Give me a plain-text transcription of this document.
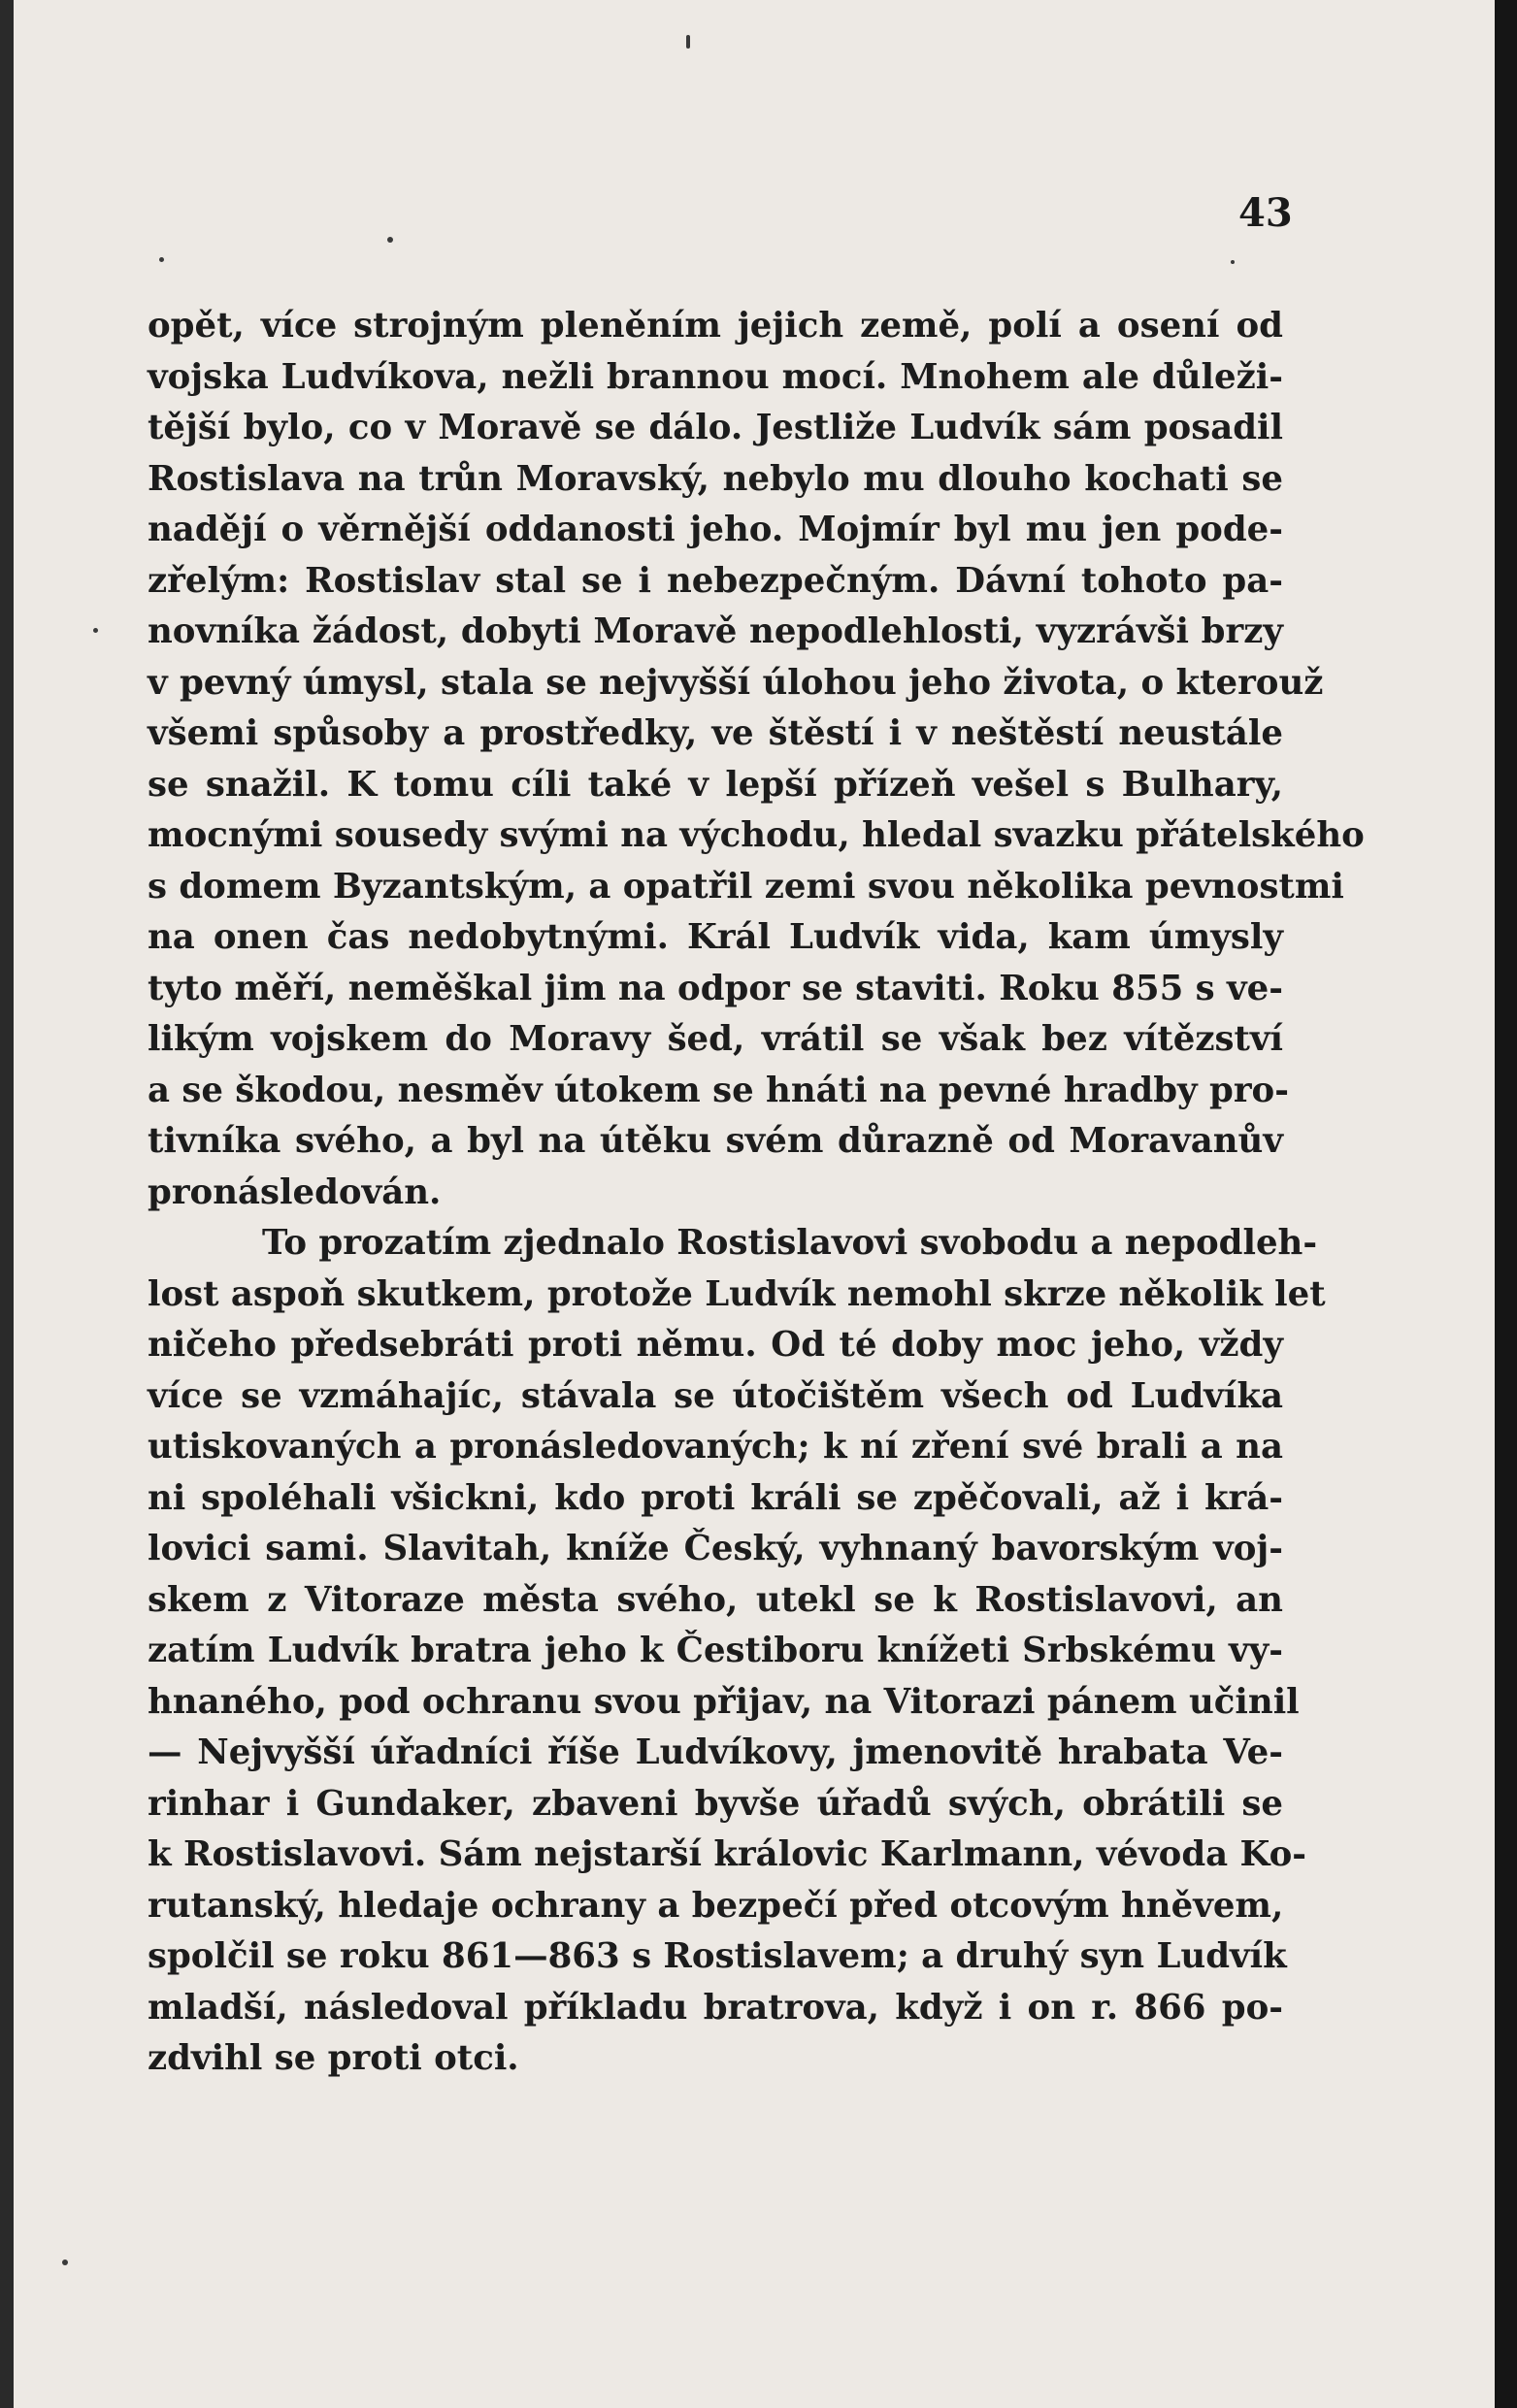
43
opět, více strojným pleněním jejich země, polí a osení od
vojska Ludvíkova, nežli brannou mocí. Mnohem ale důleži-
tější bylo, co v Moravě se dálo. Jestliže Ludvík sám posadil
Rostislava na trůn Moravský, nebylo mu dlouho kochati se
nadějí o věrnější oddanosti jeho. Mojmír byl mu jen pode-
zřelým: Rostislav stal se i nebezpečným. Dávní tohoto pa-
novníka žádost, dobyti Moravě nepodlehlosti, vyzrávši brzy
v pevný úmysl, stala se nejvyšší úlohou jeho života, o kterouž
všemi spůsoby a prostředky, ve štěstí i v neštěstí neustále
se snažil. K tomu cíli také v lepší přízeň vešel s Bulhary,
mocnými sousedy svými na východu, hledal svazku přátelského
s domem Byzantským, a opatřil zemi svou několika pevnostmi
na onen čas nedobytnými. Král Ludvík vida, kam úmysly
tyto měří, neměškal jim na odpor se staviti. Roku 855 s ve-
likým vojskem do Moravy šed, vrátil se však bez vítězství
a se škodou, nesměv útokem se hnáti na pevné hradby pro-
tivníka svého, a byl na útěku svém důrazně od Moravanův
pronásledován.
To prozatím zjednalo Rostislavovi svobodu a nepodleh-
lost aspoň skutkem, protože Ludvík nemohl skrze několik let
ničeho předsebráti proti němu. Od té doby moc jeho, vždy
více se vzmáhajíc, stávala se útočištěm všech od Ludvíka
utiskovaných a pronásledovaných; k ní zření své brali a na
ni spoléhali všickni, kdo proti králi se zpěčovali, až i krá-
lovici sami. Slavitah, kníže Český, vyhnaný bavorským voj-
skem z Vitoraze města svého, utekl se k Rostislavovi, an
zatím Ludvík bratra jeho k Čestiboru knížeti Srbskému vy-
hnaného, pod ochranu svou přijav, na Vitorazi pánem učinil
— Nejvyšší úřadníci říše Ludvíkovy, jmenovitě hrabata Ve-
rinhar i Gundaker, zbaveni byvše úřadů svých, obrátili se
k Rostislavovi. Sám nejstarší královic Karlmann, vévoda Ko-
rutanský, hledaje ochrany a bezpečí před otcovým hněvem,
spolčil se roku 861—863 s Rostislavem; a druhý syn Ludvík
mladší, následoval příkladu bratrova, když i on r. 866 po-
zdvihl se proti otci.
